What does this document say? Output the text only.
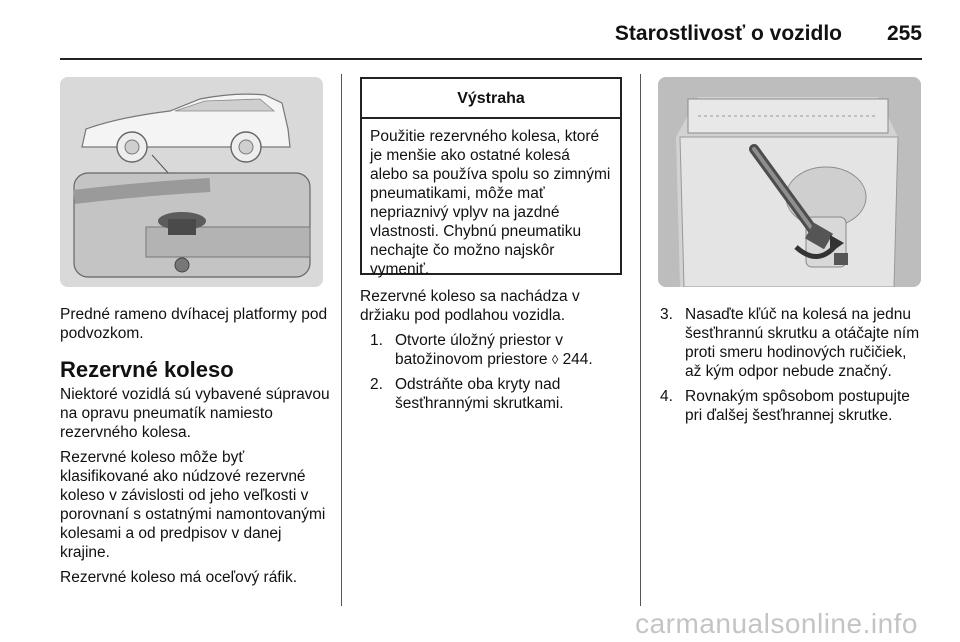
Starostlivosť o vozidlo 255

Predné rameno dvíhacej platformy pod podvozkom.

Rezervné koleso

Niektoré vozidlá sú vybavené súpravou na opravu pneumatík namiesto rezervného kolesa.

Rezervné koleso môže byť klasifikované ako núdzové rezervné koleso v závislosti od jeho veľkosti v porovnaní s ostatnými namontovanými kolesami a od predpisov v danej krajine.

Rezervné koleso má oceľový ráfik.

Výstraha
Použitie rezervného kolesa, ktoré je menšie ako ostatné kolesá alebo sa používa spolu so zimnými pneumatikami, môže mať nepriaznivý vplyv na jazdné vlastnosti. Chybnú pneumatiku nechajte čo možno najskôr vymeniť.

Rezervné koleso sa nachádza v držiaku pod podlahou vozidla.

1. Otvorte úložný priestor v batožinovom priestore ◊ 244.
2. Odstráňte oba kryty nad šesťhrannými skrutkami.
3. Nasaďte kľúč na kolesá na jednu šesťhrannú skrutku a otáčajte ním proti smeru hodinových ručičiek, až kým odpor nebude značný.
4. Rovnakým spôsobom postupujte pri ďalšej šesťhrannej skrutke.
carmanualsonline.info
